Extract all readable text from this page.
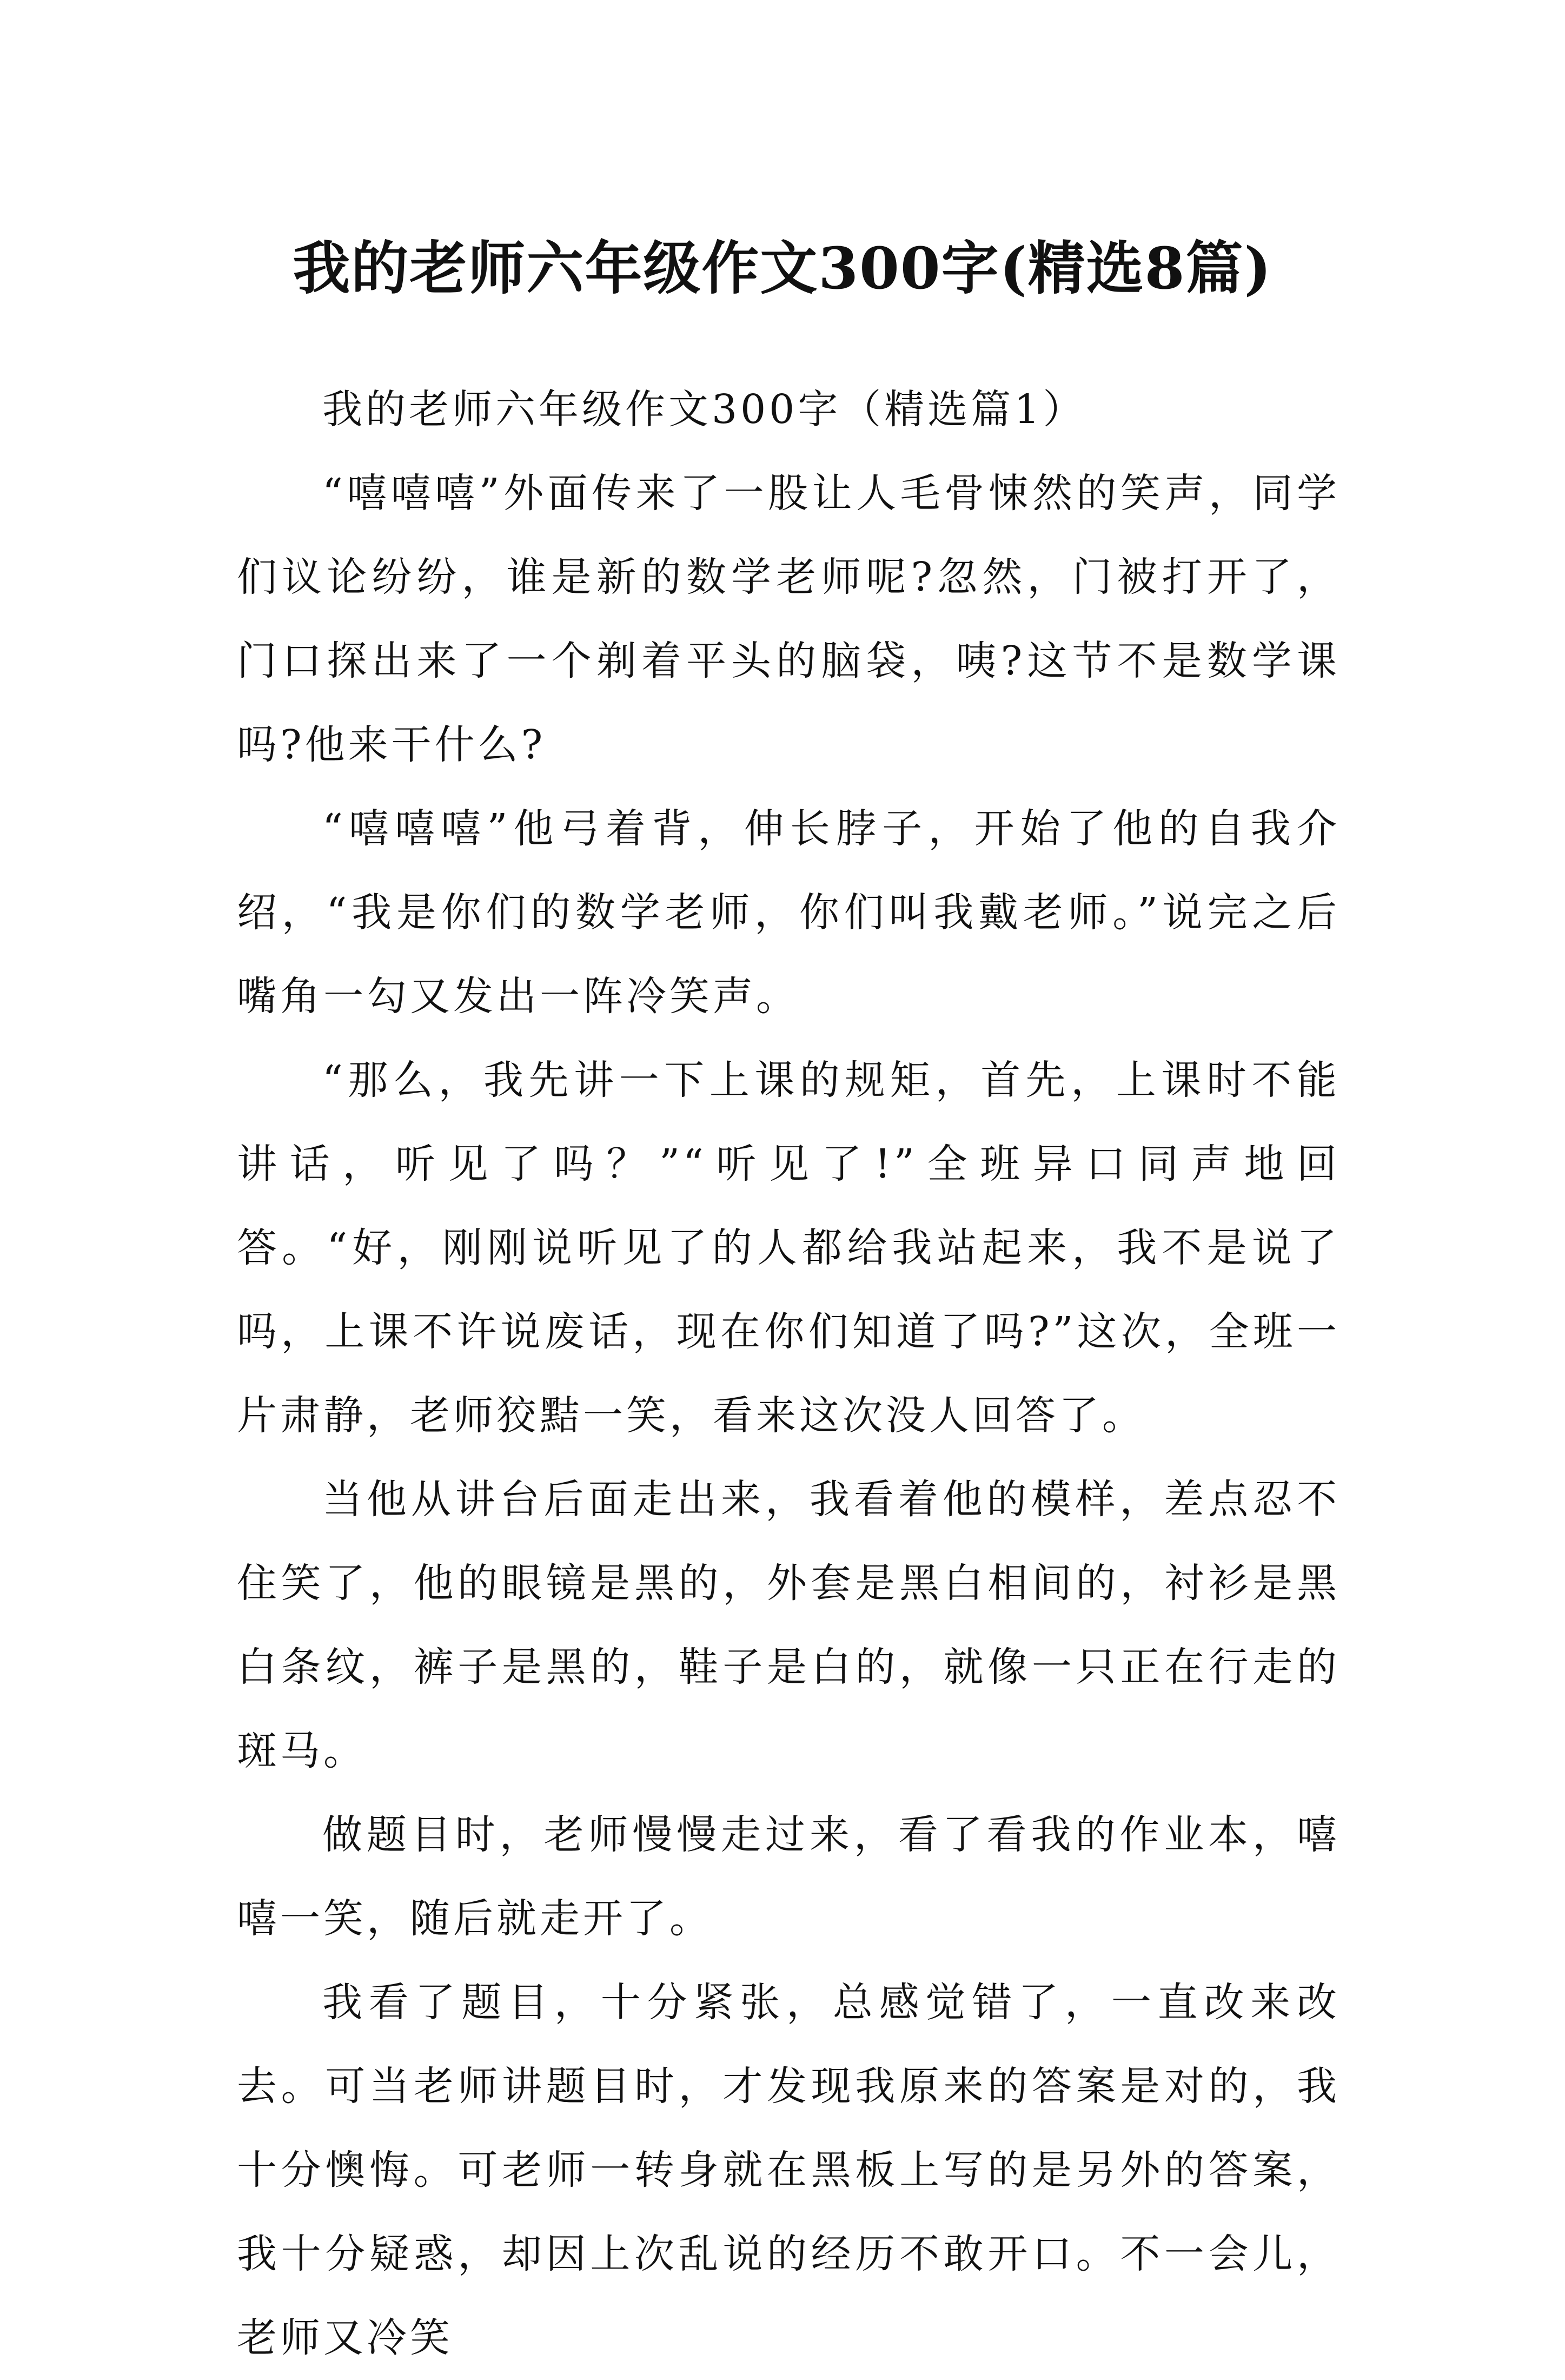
我的老师六年级作文300字(精选8篇)

我的老师六年级作文300字（精选篇1）

“嘻嘻嘻”外面传来了一股让人毛骨悚然的笑声，同学们议论纷纷，谁是新的数学老师呢?忽然，门被打开了，门口探出来了一个剃着平头的脑袋，咦?这节不是数学课吗?他来干什么?

“嘻嘻嘻”他弓着背，伸长脖子，开始了他的自我介绍，“我是你们的数学老师，你们叫我戴老师。”说完之后嘴角一勾又发出一阵冷笑声。

“那么，我先讲一下上课的规矩，首先，上课时不能讲话，听见了吗？”“听见了!”全班异口同声地回答。“好，刚刚说听见了的人都给我站起来，我不是说了吗，上课不许说废话，现在你们知道了吗?”这次，全班一片肃静，老师狡黠一笑，看来这次没人回答了。

当他从讲台后面走出来，我看着他的模样，差点忍不住笑了，他的眼镜是黑的，外套是黑白相间的，衬衫是黑白条纹，裤子是黑的，鞋子是白的，就像一只正在行走的斑马。

做题目时，老师慢慢走过来，看了看我的作业本，嘻嘻一笑，随后就走开了。

我看了题目，十分紧张，总感觉错了，一直改来改去。可当老师讲题目时，才发现我原来的答案是对的，我十分懊悔。可老师一转身就在黑板上写的是另外的答案，我十分疑惑，却因上次乱说的经历不敢开口。不一会儿，老师又冷笑
